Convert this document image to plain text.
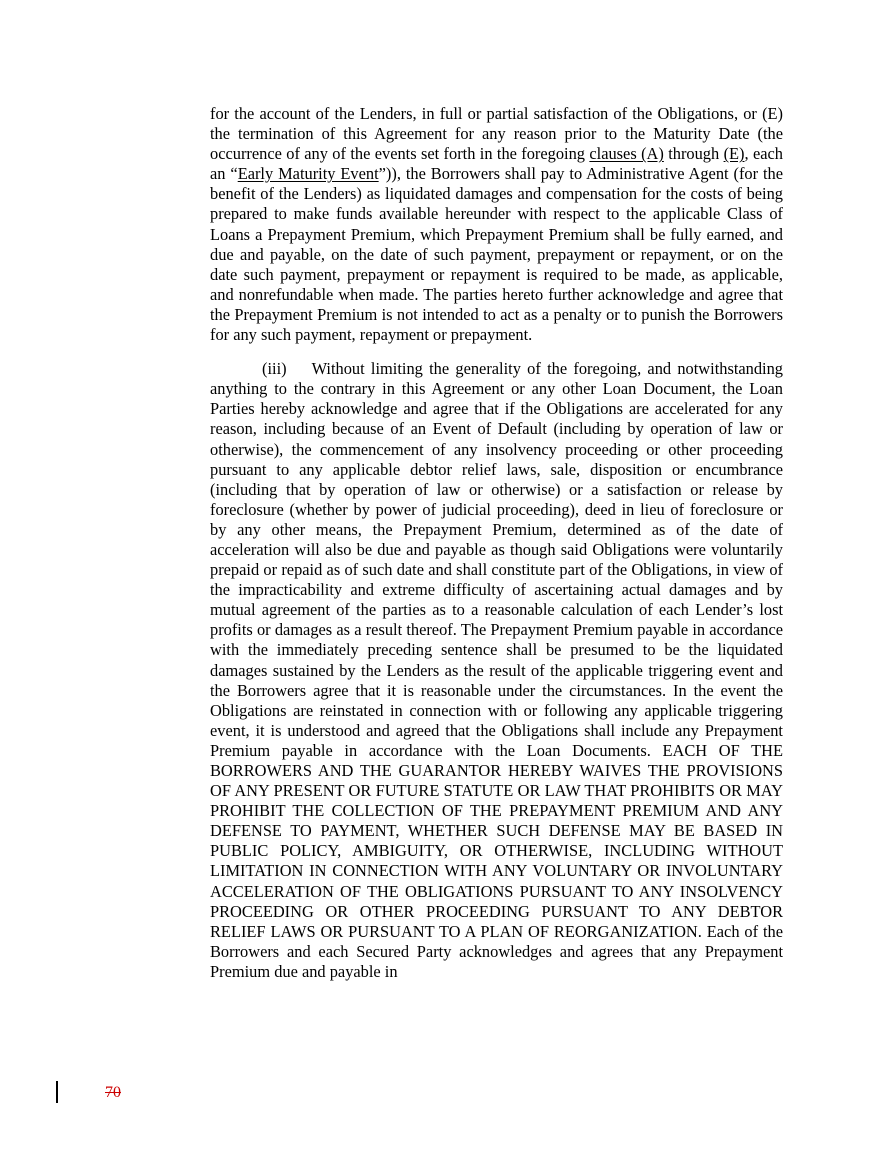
for the account of the Lenders, in full or partial satisfaction of the Obligations, or (E) the termination of this Agreement for any reason prior to the Maturity Date (the occurrence of any of the events set forth in the foregoing clauses (A) through (E), each an “Early Maturity Event”)), the Borrowers shall pay to Administrative Agent (for the benefit of the Lenders) as liquidated damages and compensation for the costs of being prepared to make funds available hereunder with respect to the applicable Class of Loans a Prepayment Premium, which Prepayment Premium shall be fully earned, and due and payable, on the date of such payment, prepayment or repayment, or on the date such payment, prepayment or repayment is required to be made, as applicable, and nonrefundable when made. The parties hereto further acknowledge and agree that the Prepayment Premium is not intended to act as a penalty or to punish the Borrowers for any such payment, repayment or prepayment.

(iii) Without limiting the generality of the foregoing, and notwithstanding anything to the contrary in this Agreement or any other Loan Document, the Loan Parties hereby acknowledge and agree that if the Obligations are accelerated for any reason, including because of an Event of Default (including by operation of law or otherwise), the commencement of any insolvency proceeding or other proceeding pursuant to any applicable debtor relief laws, sale, disposition or encumbrance (including that by operation of law or otherwise) or a satisfaction or release by foreclosure (whether by power of judicial proceeding), deed in lieu of foreclosure or by any other means, the Prepayment Premium, determined as of the date of acceleration will also be due and payable as though said Obligations were voluntarily prepaid or repaid as of such date and shall constitute part of the Obligations, in view of the impracticability and extreme difficulty of ascertaining actual damages and by mutual agreement of the parties as to a reasonable calculation of each Lender’s lost profits or damages as a result thereof. The Prepayment Premium payable in accordance with the immediately preceding sentence shall be presumed to be the liquidated damages sustained by the Lenders as the result of the applicable triggering event and the Borrowers agree that it is reasonable under the circumstances. In the event the Obligations are reinstated in connection with or following any applicable triggering event, it is understood and agreed that the Obligations shall include any Prepayment Premium payable in accordance with the Loan Documents. EACH OF THE BORROWERS AND THE GUARANTOR HEREBY WAIVES THE PROVISIONS OF ANY PRESENT OR FUTURE STATUTE OR LAW THAT PROHIBITS OR MAY PROHIBIT THE COLLECTION OF THE PREPAYMENT PREMIUM AND ANY DEFENSE TO PAYMENT, WHETHER SUCH DEFENSE MAY BE BASED IN PUBLIC POLICY, AMBIGUITY, OR OTHERWISE, INCLUDING WITHOUT LIMITATION IN CONNECTION WITH ANY VOLUNTARY OR INVOLUNTARY ACCELERATION OF THE OBLIGATIONS PURSUANT TO ANY INSOLVENCY PROCEEDING OR OTHER PROCEEDING PURSUANT TO ANY DEBTOR RELIEF LAWS OR PURSUANT TO A PLAN OF REORGANIZATION. Each of the Borrowers and each Secured Party acknowledges and agrees that any Prepayment Premium due and payable in

70
